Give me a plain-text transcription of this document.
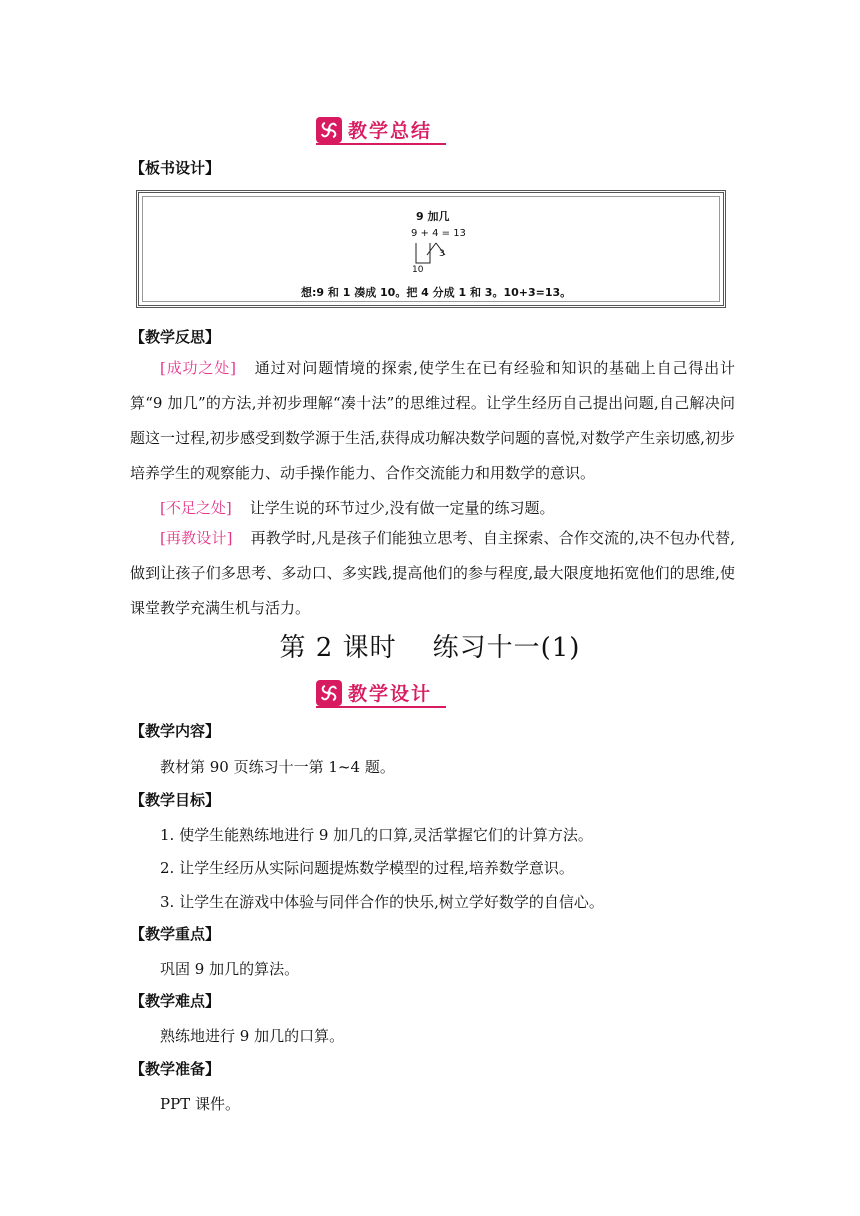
教学总结
【板书设计】
9 加几
9 + 4 = 13
3
10
想:9 和 1 凑成 10。把 4 分成 1 和 3。10+3=13。
【教学反思】
[成功之处] 通过对问题情境的探索,使学生在已有经验和知识的基础上自己得出计算“9 加几”的方法,并初步理解“凑十法”的思维过程。让学生经历自己提出问题,自己解决问题这一过程,初步感受到数学源于生活,获得成功解决数学问题的喜悦,对数学产生亲切感,初步培养学生的观察能力、动手操作能力、合作交流能力和用数学的意识。
[不足之处] 让学生说的环节过少,没有做一定量的练习题。
[再教设计] 再教学时,凡是孩子们能独立思考、自主探索、合作交流的,决不包办代替,做到让孩子们多思考、多动口、多实践,提高他们的参与程度,最大限度地拓宽他们的思维,使课堂教学充满生机与活力。
第 2 课时 练习十一(1)
教学设计
【教学内容】
教材第 90 页练习十一第 1~4 题。
【教学目标】
1. 使学生能熟练地进行 9 加几的口算,灵活掌握它们的计算方法。
2. 让学生经历从实际问题提炼数学模型的过程,培养数学意识。
3. 让学生在游戏中体验与同伴合作的快乐,树立学好数学的自信心。
【教学重点】
巩固 9 加几的算法。
【教学难点】
熟练地进行 9 加几的口算。
【教学准备】
PPT 课件。
